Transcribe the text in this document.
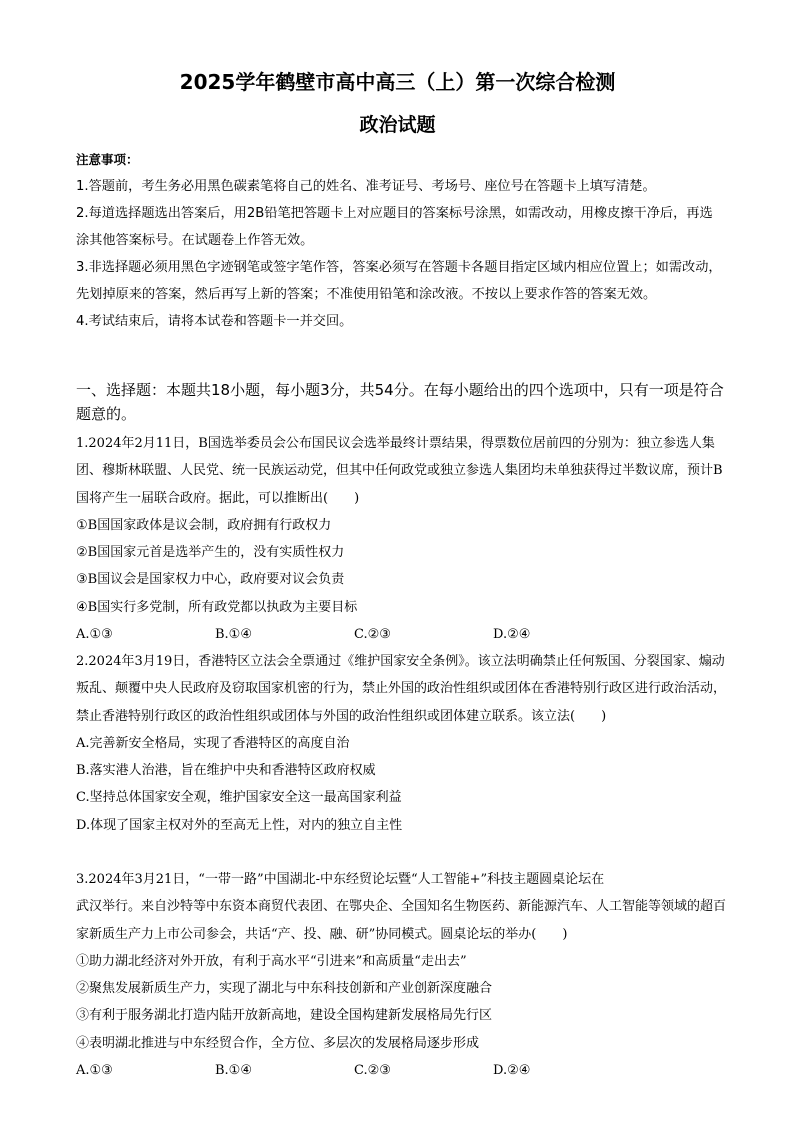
2025学年鹤壁市高中高三（上）第一次综合检测
政治试题
注意事项：

1.答题前，考生务必用黑色碳素笔将自己的姓名、准考证号、考场号、座位号在答题卡上填写清楚。

2.每道选择题选出答案后，用2B铅笔把答题卡上对应题目的答案标号涂黑，如需改动，用橡皮擦干净后，再选涂其他答案标号。在试题卷上作答无效。

3.非选择题必须用黑色字迹钢笔或签字笔作答，答案必须写在答题卡各题目指定区域内相应位置上；如需改动，先划掉原来的答案，然后再写上新的答案；不准使用铅笔和涂改液。不按以上要求作答的答案无效。

4.考试结束后，请将本试卷和答题卡一并交回。

一、选择题：本题共18小题，每小题3分，共54分。在每小题给出的四个选项中，只有一项是符合题意的。

1.2024年2月11日，B国选举委员会公布国民议会选举最终计票结果，得票数位居前四的分别为：独立参选人集团、穆斯林联盟、人民党、统一民族运动党，但其中任何政党或独立参选人集团均未单独获得过半数议席，预计B国将产生一届联合政府。据此，可以推断出(　　)

①B国国家政体是议会制，政府拥有行政权力

②B国国家元首是选举产生的，没有实质性权力

③B国议会是国家权力中心，政府要对议会负责

④B国实行多党制，所有政党都以执政为主要目标

A.①③	B.①④	C.②③	D.②④

2.2024年3月19日，香港特区立法会全票通过《维护国家安全条例》。该立法明确禁止任何叛国、分裂国家、煽动叛乱、颠覆中央人民政府及窃取国家机密的行为，禁止外国的政治性组织或团体在香港特别行政区进行政治活动，禁止香港特别行政区的政治性组织或团体与外国的政治性组织或团体建立联系。该立法(　　)

A.完善新安全格局，实现了香港特区的高度自治

B.落实港人治港，旨在维护中央和香港特区政府权威

C.坚持总体国家安全观，维护国家安全这一最高国家利益

D.体现了国家主权对外的至高无上性，对内的独立自主性

3.2024年3月21日，“一带一路”中国湖北-中东经贸论坛暨“人工智能+”科技主题圆桌论坛在

武汉举行。来自沙特等中东资本商贸代表团、在鄂央企、全国知名生物医药、新能源汽车、人工智能等领域的超百家新质生产力上市公司参会，共话“产、投、融、研”协同模式。圆桌论坛的举办(　　)

①助力湖北经济对外开放，有利于高水平“引进来”和高质量“走出去”

②聚焦发展新质生产力，实现了湖北与中东科技创新和产业创新深度融合

③有利于服务湖北打造内陆开放新高地，建设全国构建新发展格局先行区

④表明湖北推进与中东经贸合作，全方位、多层次的发展格局逐步形成

A.①③	B.①④	C.②③	D.②④
